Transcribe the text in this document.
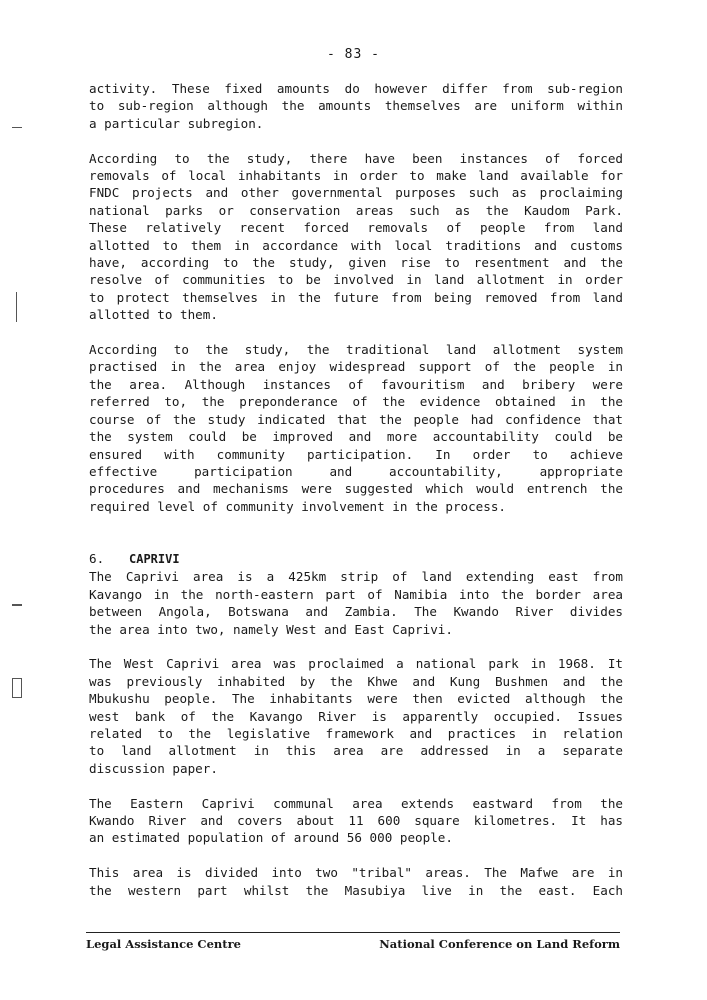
- 83 -
activity. These fixed amounts do however differ from sub-region
to sub-region although the amounts themselves are uniform within
a particular subregion.
According to the study, there have been instances of forced
removals of local inhabitants in order to make land available for
FNDC projects and other governmental purposes such as proclaiming
national parks or conservation areas such as the Kaudom Park.
These relatively recent forced removals of people from land
allotted to them in accordance with local traditions and customs
have, according to the study, given rise to resentment and the
resolve of communities to be involved in land allotment in order
to protect themselves in the future from being removed from land
allotted to them.
According to the study, the traditional land allotment system
practised in the area enjoy widespread support of the people in
the area. Although instances of favouritism and bribery were
referred to, the preponderance of the evidence obtained in the
course of the study indicated that the people had confidence that
the system could be improved and more accountability could be
ensured with community participation. In order to achieve
effective participation and accountability, appropriate
procedures and mechanisms were suggested which would entrench the
required level of community involvement in the process.
6. CAPRIVI
The Caprivi area is a 425km strip of land extending east from
Kavango in the north-eastern part of Namibia into the border area
between Angola, Botswana and Zambia. The Kwando River divides
the area into two, namely West and East Caprivi.
The West Caprivi area was proclaimed a national park in 1968. It
was previously inhabited by the Khwe and Kung Bushmen and the
Mbukushu people. The inhabitants were then evicted although the
west bank of the Kavango River is apparently occupied. Issues
related to the legislative framework and practices in relation
to land allotment in this area are addressed in a separate
discussion paper.
The Eastern Caprivi communal area extends eastward from the
Kwando River and covers about 11 600 square kilometres. It has
an estimated population of around 56 000 people.
This area is divided into two "tribal" areas. The Mafwe are in
the western part whilst the Masubiya live in the east. Each
Legal Assistance Centre	National Conference on Land Reform
